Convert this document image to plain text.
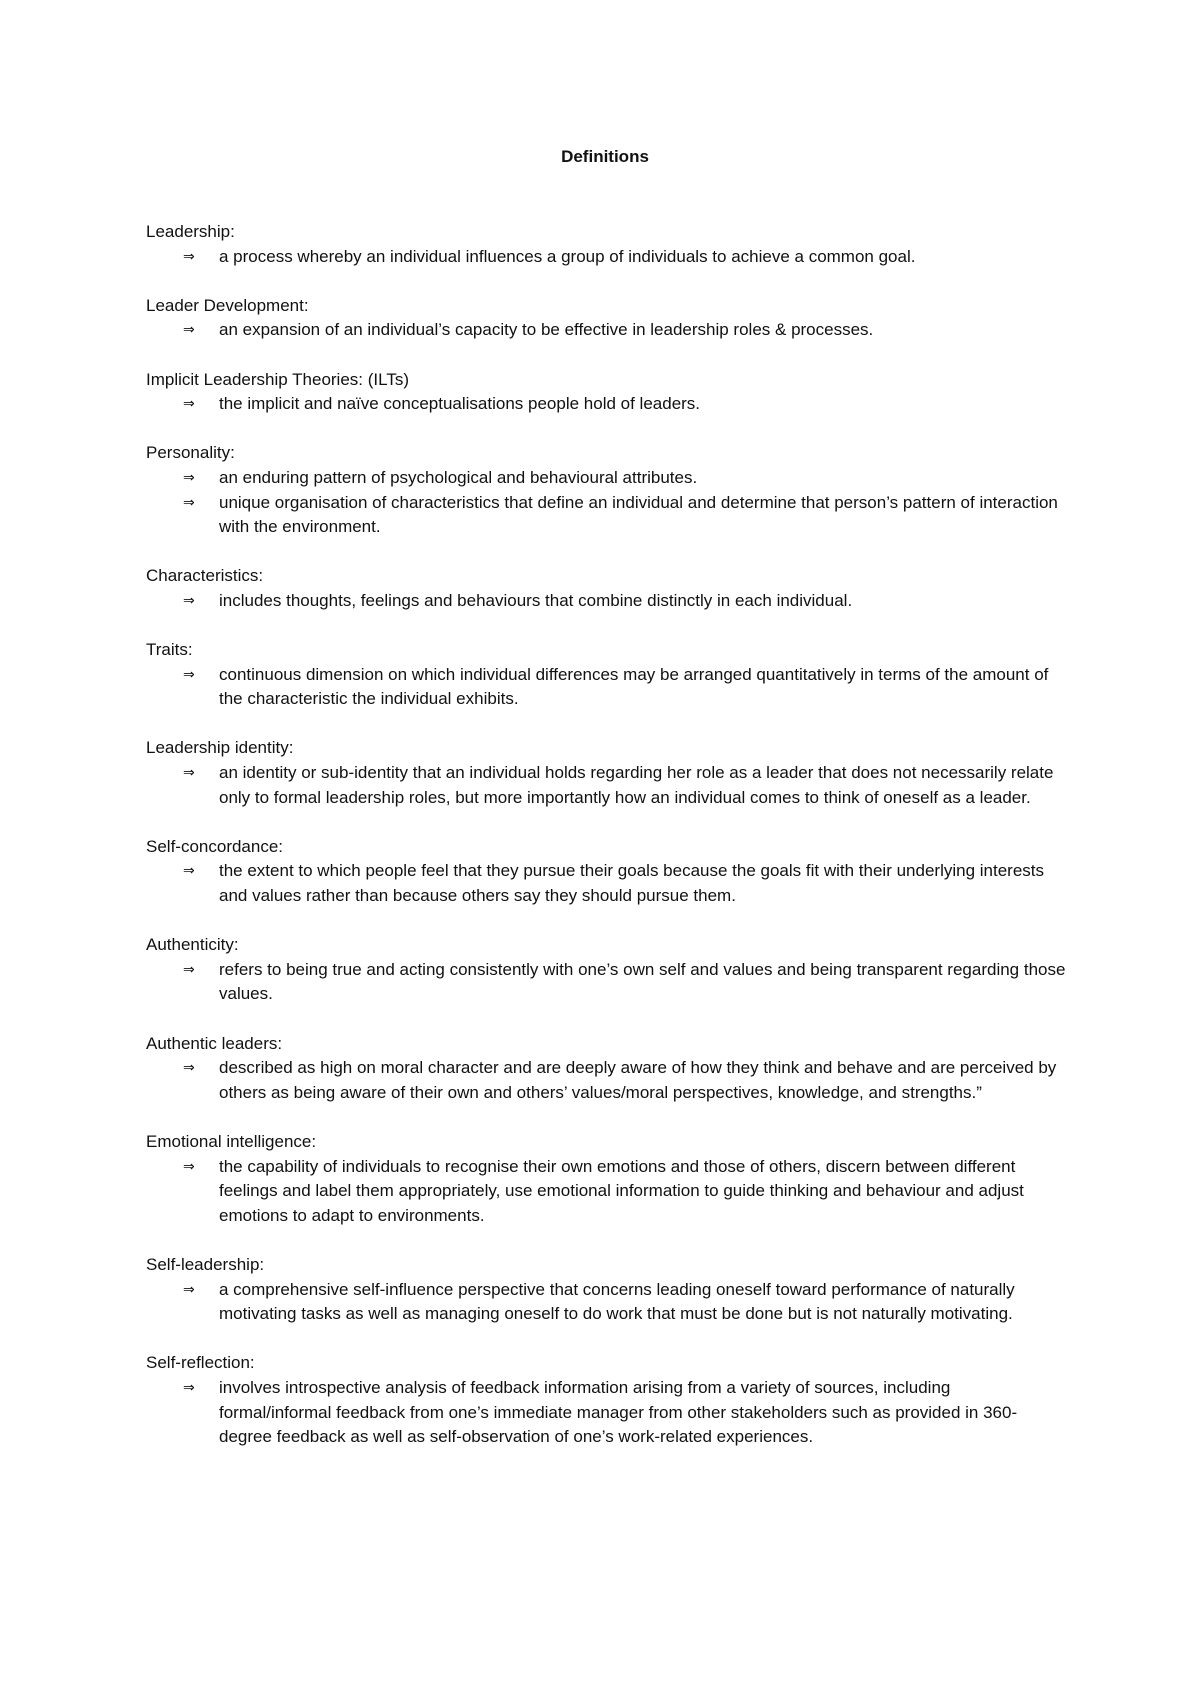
Definitions
Leadership:
⇒	a process whereby an individual influences a group of individuals to achieve a common goal.
Leader Development:
⇒	an expansion of an individual’s capacity to be effective in leadership roles & processes.
Implicit Leadership Theories: (ILTs)
⇒	the implicit and naïve conceptualisations people hold of leaders.
Personality:
⇒	an enduring pattern of psychological and behavioural attributes.
⇒	unique organisation of characteristics that define an individual and determine that person’s pattern of interaction with the environment.
Characteristics:
⇒	includes thoughts, feelings and behaviours that combine distinctly in each individual.
Traits:
⇒	continuous dimension on which individual differences may be arranged quantitatively in terms of the amount of the characteristic the individual exhibits.
Leadership identity:
⇒	an identity or sub-identity that an individual holds regarding her role as a leader that does not necessarily relate only to formal leadership roles, but more importantly how an individual comes to think of oneself as a leader.
Self-concordance:
⇒	the extent to which people feel that they pursue their goals because the goals fit with their underlying interests and values rather than because others say they should pursue them.
Authenticity:
⇒	refers to being true and acting consistently with one’s own self and values and being transparent regarding those values.
Authentic leaders:
⇒	described as high on moral character and are deeply aware of how they think and behave and are perceived by others as being aware of their own and others’ values/moral perspectives, knowledge, and strengths.”
Emotional intelligence:
⇒	the capability of individuals to recognise their own emotions and those of others, discern between different feelings and label them appropriately, use emotional information to guide thinking and behaviour and adjust emotions to adapt to environments.
Self-leadership:
⇒	a comprehensive self-influence perspective that concerns leading oneself toward performance of naturally motivating tasks as well as managing oneself to do work that must be done but is not naturally motivating.
Self-reflection:
⇒	involves introspective analysis of feedback information arising from a variety of sources, including formal/informal feedback from one’s immediate manager from other stakeholders such as provided in 360-degree feedback as well as self-observation of one’s work-related experiences.
